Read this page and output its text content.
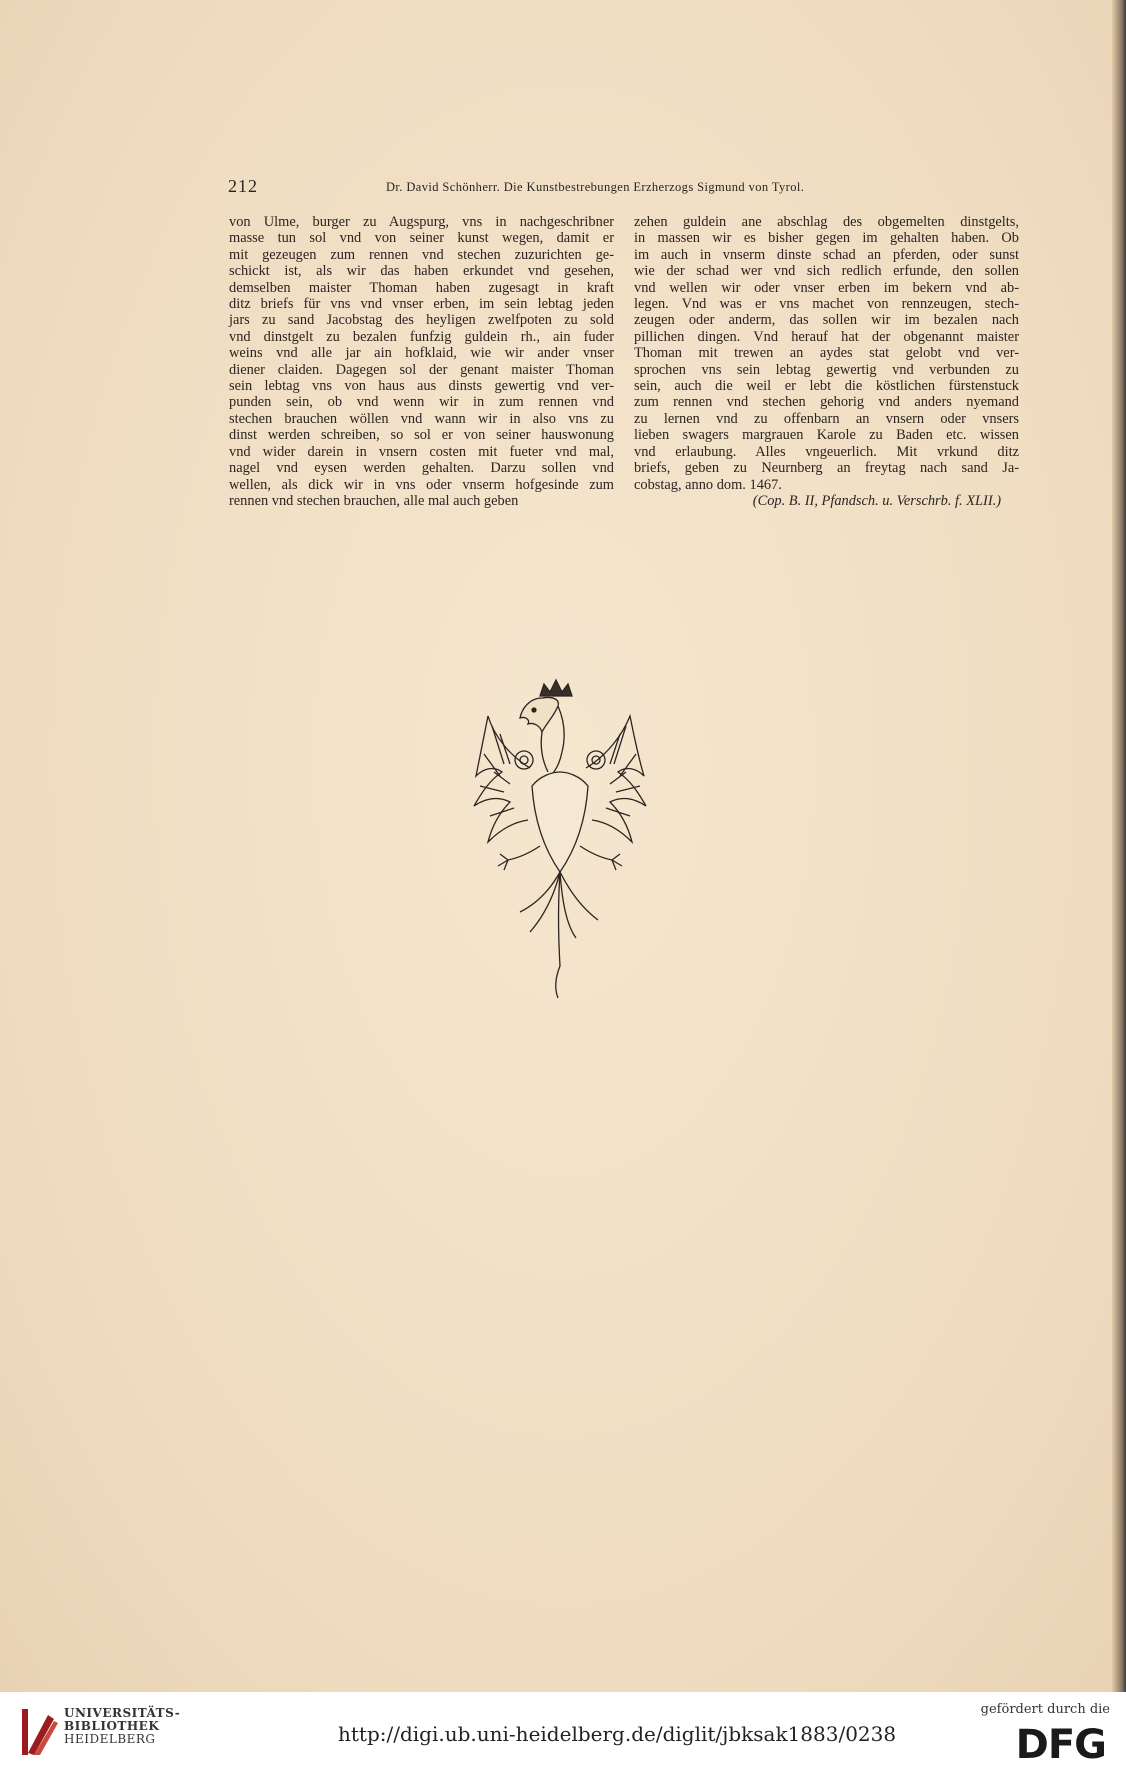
212	Dr. David Schönherr. Die Kunstbestrebungen Erzherzogs Sigmund von Tyrol.
von Ulme, burger zu Augspurg, vns in nachgeschribner
masse tun sol vnd von seiner kunst wegen, damit er
mit gezeugen zum rennen vnd stechen zuzurichten ge-
schickt ist, als wir das haben erkundet vnd gesehen,
demselben maister Thoman haben zugesagt in kraft
ditz briefs für vns vnd vnser erben, im sein lebtag jeden
jars zu sand Jacobstag des heyligen zwelfpoten zu sold
vnd dinstgelt zu bezalen funfzig guldein rh., ain fuder
weins vnd alle jar ain hofklaid, wie wir ander vnser
diener claiden. Dagegen sol der genant maister Thoman
sein lebtag vns von haus aus dinsts gewertig vnd ver-
punden sein, ob vnd wenn wir in zum rennen vnd
stechen brauchen wöllen vnd wann wir in also vns zu
dinst werden schreiben, so sol er von seiner hauswonung
vnd wider darein in vnsern costen mit fueter vnd mal,
nagel vnd eysen werden gehalten. Darzu sollen vnd
wellen, als dick wir in vns oder vnserm hofgesinde zum
rennen vnd stechen brauchen, alle mal auch geben
zehen guldein ane abschlag des obgemelten dinstgelts,
in massen wir es bisher gegen im gehalten haben. Ob
im auch in vnserm dinste schad an pferden, oder sunst
wie der schad wer vnd sich redlich erfunde, den sollen
vnd wellen wir oder vnser erben im bekern vnd ab-
legen. Vnd was er vns machet von rennzeugen, stech-
zeugen oder anderm, das sollen wir im bezalen nach
pillichen dingen. Vnd herauf hat der obgenannt maister
Thoman mit trewen an aydes stat gelobt vnd ver-
sprochen vns sein lebtag gewertig vnd verbunden zu
sein, auch die weil er lebt die köstlichen fürstenstuck
zum rennen vnd stechen gehorig vnd anders nyemand
zu lernen vnd zu offenbarn an vnsern oder vnsers
lieben swagers margrauen Karole zu Baden etc. wissen
vnd erlaubung. Alles vngeuerlich. Mit vrkund ditz
briefs, geben zu Neurnberg an freytag nach sand Ja-
cobstag, anno dom. 1467.
(Cop. B. II, Pfandsch. u. Verschrb. f. XLII.)
UNIVERSITÄTS-
BIBLIOTHEK
HEIDELBERG	http://digi.ub.uni-heidelberg.de/diglit/jbksak1883/0238
gefördert durch die
DFG
